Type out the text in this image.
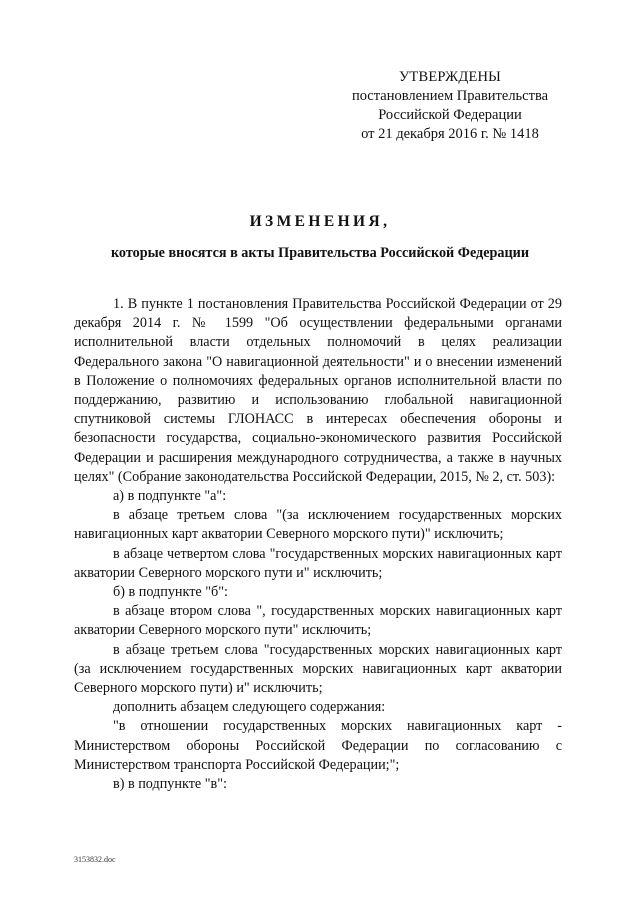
УТВЕРЖДЕНЫ
постановлением Правительства
Российской Федерации
от 21 декабря 2016 г. № 1418
ИЗМЕНЕНИЯ,
которые вносятся в акты Правительства Российской Федерации

1. В пункте 1 постановления Правительства Российской Федерации от 29 декабря 2014 г. № 1599 "Об осуществлении федеральными органами исполнительной власти отдельных полномочий в целях реализации Федерального закона "О навигационной деятельности" и о внесении изменений в Положение о полномочиях федеральных органов исполнительной власти по поддержанию, развитию и использованию глобальной навигационной спутниковой системы ГЛОНАСС в интересах обеспечения обороны и безопасности государства, социально-экономического развития Российской Федерации и расширения международного сотрудничества, а также в научных целях" (Собрание законодательства Российской Федерации, 2015, № 2, ст. 503):

а) в подпункте "а":

в абзаце третьем слова "(за исключением государственных морских навигационных карт акватории Северного морского пути)" исключить;

в абзаце четвертом слова "государственных морских навигационных карт акватории Северного морского пути и" исключить;

б) в подпункте "б":

в абзаце втором слова ", государственных морских навигационных карт акватории Северного морского пути" исключить;

в абзаце третьем слова "государственных морских навигационных карт (за исключением государственных морских навигационных карт акватории Северного морского пути) и" исключить;

дополнить абзацем следующего содержания:

"в отношении государственных морских навигационных карт - Министерством обороны Российской Федерации по согласованию с Министерством транспорта Российской Федерации;";

в) в подпункте "в":

3153832.doc
